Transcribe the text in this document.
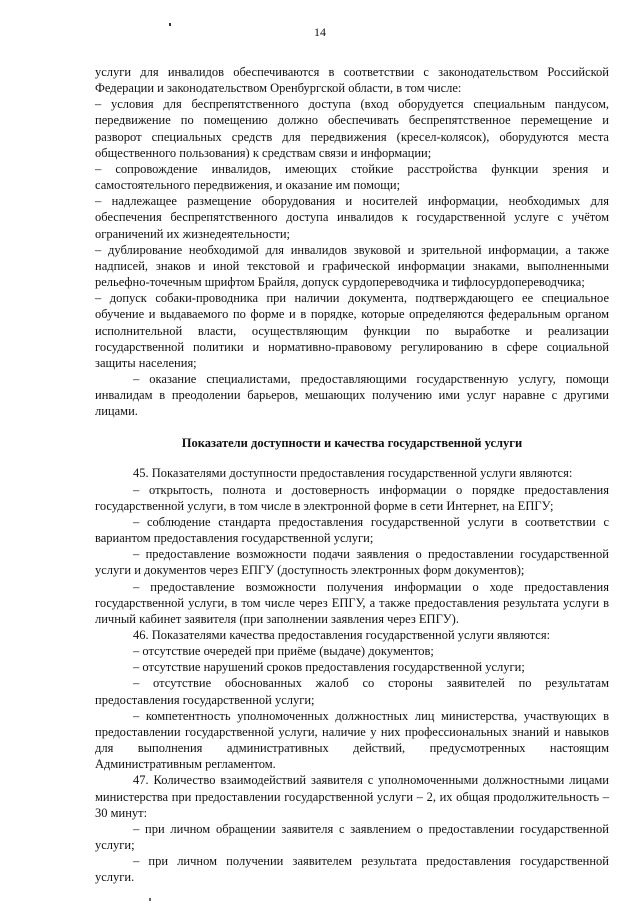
14

услуги для инвалидов обеспечиваются в соответствии с законодательством Российской Федерации и законодательством Оренбургской области, в том числе:

– условия для беспрепятственного доступа (вход оборудуется специальным пандусом, передвижение по помещению должно обеспечивать беспрепятственное перемещение и разворот специальных средств для передвижения (кресел-колясок), оборудуются места общественного пользования) к средствам связи и информации;

– сопровождение инвалидов, имеющих стойкие расстройства функции зрения и самостоятельного передвижения, и оказание им помощи;

– надлежащее размещение оборудования и носителей информации, необходимых для обеспечения беспрепятственного доступа инвалидов к государственной услуге с учётом ограничений их жизнедеятельности;

– дублирование необходимой для инвалидов звуковой и зрительной информации, а также надписей, знаков и иной текстовой и графической информации знаками, выполненными рельефно-точечным шрифтом Брайля, допуск сурдопереводчика и тифлосурдопереводчика;

– допуск собаки-проводника при наличии документа, подтверждающего ее специальное обучение и выдаваемого по форме и в порядке, которые определяются федеральным органом исполнительной власти, осуществляющим функции по выработке и реализации государственной политики и нормативно-правовому регулированию в сфере социальной защиты населения;

– оказание специалистами, предоставляющими государственную услугу, помощи инвалидам в преодолении барьеров, мешающих получению ими услуг наравне с другими лицами.

Показатели доступности и качества государственной услуги

45. Показателями доступности предоставления государственной услуги являются:

– открытость, полнота и достоверность информации о порядке предоставления государственной услуги, в том числе в электронной форме в сети Интернет, на ЕПГУ;

– соблюдение стандарта предоставления государственной услуги в соответствии с вариантом предоставления государственной услуги;

– предоставление возможности подачи заявления о предоставлении государственной услуги и документов через ЕПГУ (доступность электронных форм документов);

– предоставление возможности получения информации о ходе предоставления государственной услуги, в том числе через ЕПГУ, а также предоставления результата услуги в личный кабинет заявителя (при заполнении заявления через ЕПГУ).

46. Показателями качества предоставления государственной услуги являются:

– отсутствие очередей при приёме (выдаче) документов;

– отсутствие нарушений сроков предоставления государственной услуги;

– отсутствие обоснованных жалоб со стороны заявителей по результатам предоставления государственной услуги;

– компетентность уполномоченных должностных лиц министерства, участвующих в предоставлении государственной услуги, наличие у них профессиональных знаний и навыков для выполнения административных действий, предусмотренных настоящим Административным регламентом.

47. Количество взаимодействий заявителя с уполномоченными должностными лицами министерства при предоставлении государственной услуги – 2, их общая продолжительность – 30 минут:

– при личном обращении заявителя с заявлением о предоставлении государственной услуги;

– при личном получении заявителем результата предоставления государственной услуги.
